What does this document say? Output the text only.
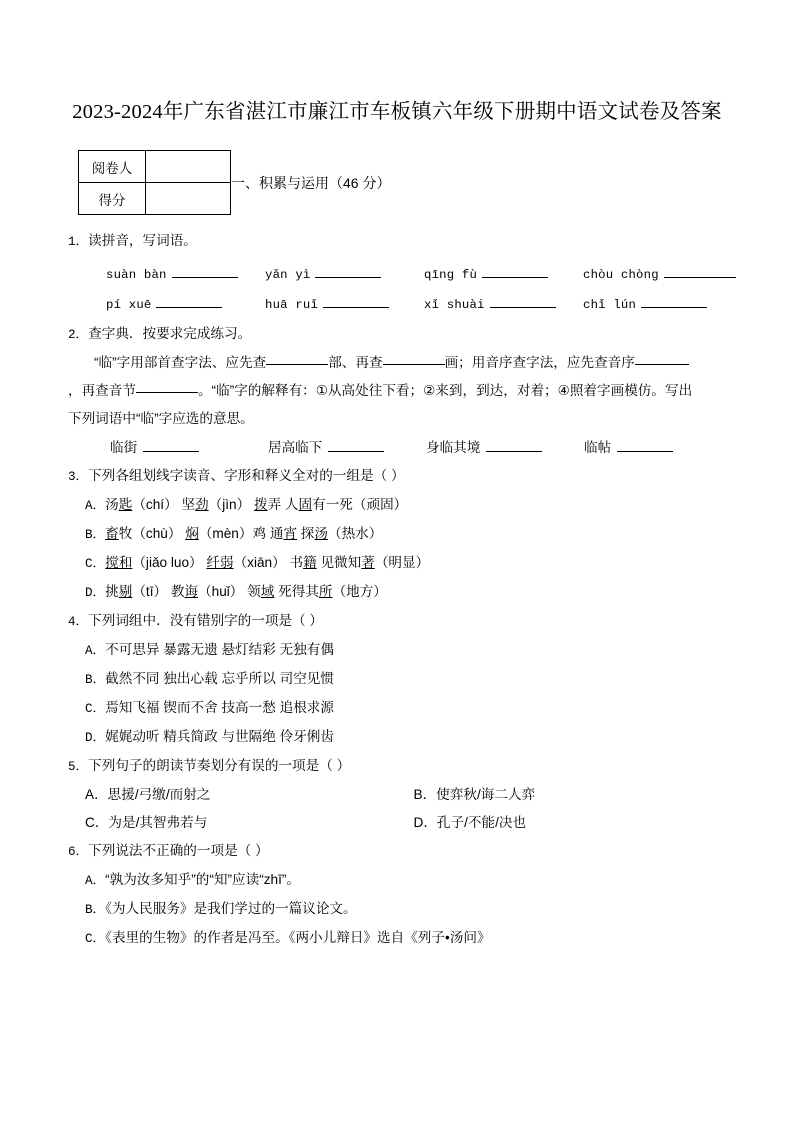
2023-2024年广东省湛江市廉江市车板镇六年级下册期中语文试卷及答案
阅卷人	
得分	
一、积累与运用（46 分）

1．读拼音，写词语。

suàn bàn	yǎn yì	qīng fù	chòu chòng
pí xuē	huā ruǐ	xǐ shuài	chǐ lún

2．查字典．按要求完成练习。

“临”字用部首查字法、应先查	部、再查	画；用音序查字法，应先查音序

，再查音节	。“临”字的解释有：①从高处往下看；②来到，到达，对着；④照着字画模仿。写出

下列词语中“临”字应选的意思。

临街	居高临下	身临其境	临帖

3．下列各组划线字读音、字形和释义全对的一组是（ ）

A．汤匙（chí） 坚劲（jìn） 拨弄 人固有一死（顽固）

B．畜牧（chù） 焖（mèn）鸡 通宵 探汤（热水）

C．搅和（jiǎo luo） 纤弱（xiān） 书籍 见微知著（明显）

D．挑剔（tī） 教诲（huǐ） 领域 死得其所（地方）

4．下列词组中．没有错别字的一项是（ ）

A．不可思异 暴露无遗 悬灯结彩 无独有偶

B．截然不同 独出心载 忘乎所以 司空见惯

C．焉知飞福 锲而不舍 技高一愁 追根求源

D．娓娓动听 精兵简政 与世隔绝 伶牙俐齿

5．下列句子的朗读节奏划分有误的一项是（ ）

A．思援/弓缴/而射之	B．使弈秋/诲二人弈
C．为是/其智弗若与	D．孔子/不能/决也

6．下列说法不正确的一项是（ ）

A．“孰为汝多知乎”的“知”应读“zhī”。

B．《为人民服务》是我们学过的一篇议论文。

C．《表里的生物》的作者是冯至。《两小儿辩日》选自《列子•汤问》
